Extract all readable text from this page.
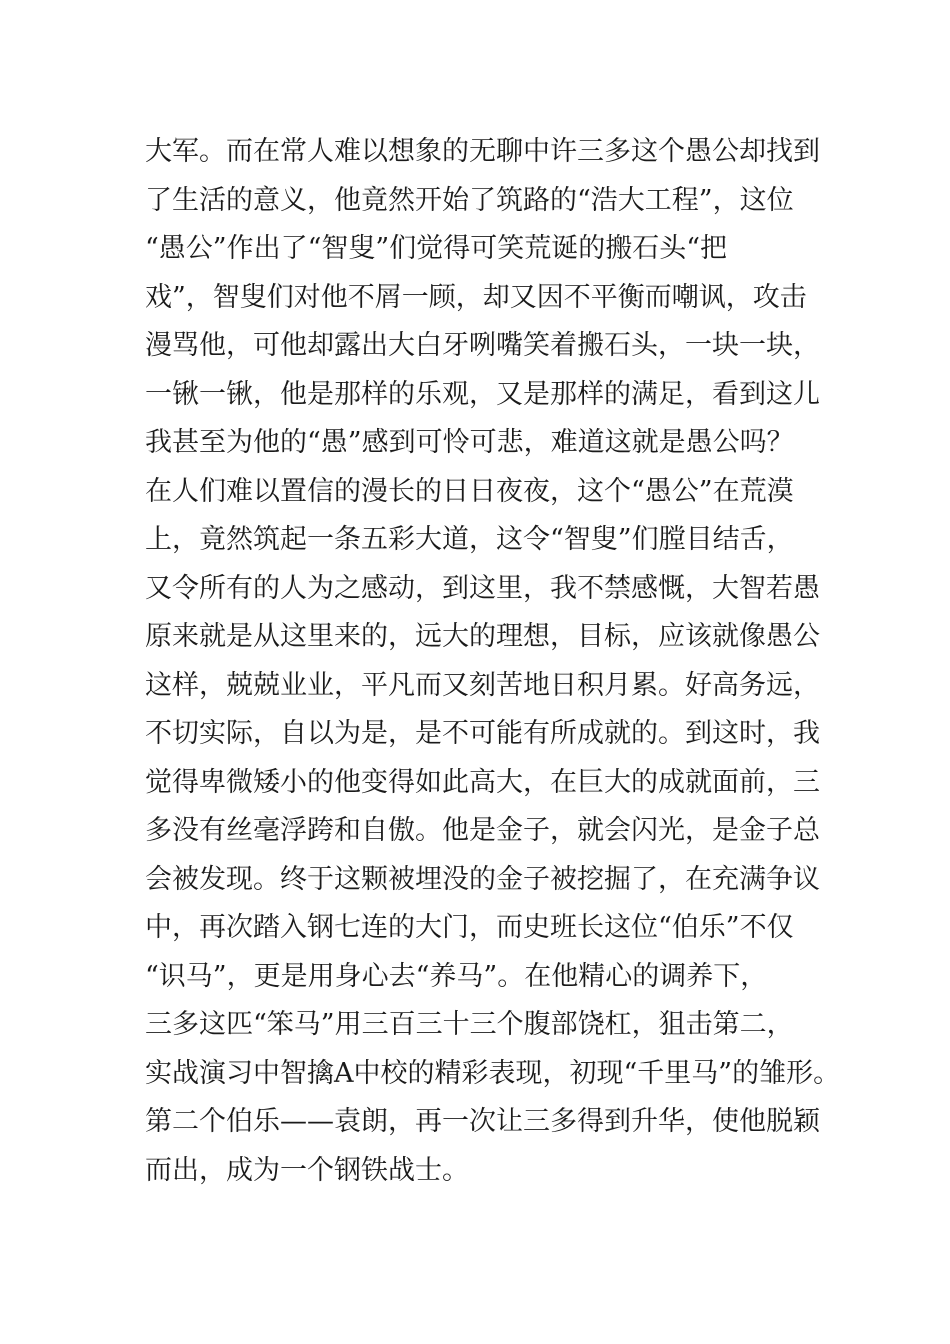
大军。而在常人难以想象的无聊中许三多这个愚公却找到
了生活的意义，他竟然开始了筑路的“浩大工程”，这位
“愚公”作出了“智叟”们觉得可笑荒诞的搬石头“把
戏”，智叟们对他不屑一顾，却又因不平衡而嘲讽，攻击
漫骂他，可他却露出大白牙咧嘴笑着搬石头，一块一块，
一锹一锹，他是那样的乐观，又是那样的满足，看到这儿
我甚至为他的“愚”感到可怜可悲，难道这就是愚公吗？
在人们难以置信的漫长的日日夜夜，这个“愚公”在荒漠
上，竟然筑起一条五彩大道，这令“智叟”们膛目结舌，
又令所有的人为之感动，到这里，我不禁感慨，大智若愚
原来就是从这里来的，远大的理想，目标，应该就像愚公
这样，兢兢业业，平凡而又刻苦地日积月累。好高务远，
不切实际，自以为是，是不可能有所成就的。到这时，我
觉得卑微矮小的他变得如此高大，在巨大的成就面前，三
多没有丝毫浮跨和自傲。他是金子，就会闪光，是金子总
会被发现。终于这颗被埋没的金子被挖掘了，在充满争议
中，再次踏入钢七连的大门，而史班长这位“伯乐”不仅
“识马”，更是用身心去“养马”。在他精心的调养下，
三多这匹“笨马”用三百三十三个腹部饶杠，狙击第二，
实战演习中智擒A中校的精彩表现，初现“千里马”的雏形。
第二个伯乐——袁朗，再一次让三多得到升华，使他脱颖
而出，成为一个钢铁战士。
